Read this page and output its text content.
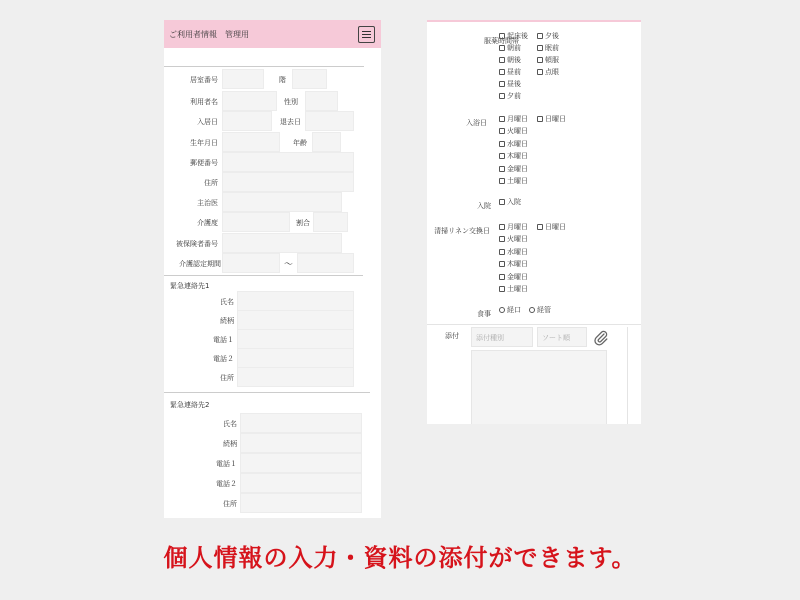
ご利用者情報　管理用
居室番号	階
利用者名	性別
入居日	退去日
生年月日	年齢
郵便番号
住所
主治医
介護度	割合
被保険者番号
介護認定期間	〜
緊急連絡先1
氏名
続柄
電話１
電話２
住所
緊急連絡先2
氏名
続柄
電話１
電話２
住所
服薬時間帯
起床後
朝前
朝後
昼前
昼後
夕前
夕後
眠前
頓服
点眼
入浴日	月曜日
火曜日
水曜日
木曜日
金曜日
土曜日
日曜日
入院 入院
清掃リネン交換日 月曜日
火曜日
水曜日
木曜日
金曜日
土曜日
日曜日
食事 経口 経管
添付	添付種別	ソート順
個人情報の入力・資料の添付ができます。
